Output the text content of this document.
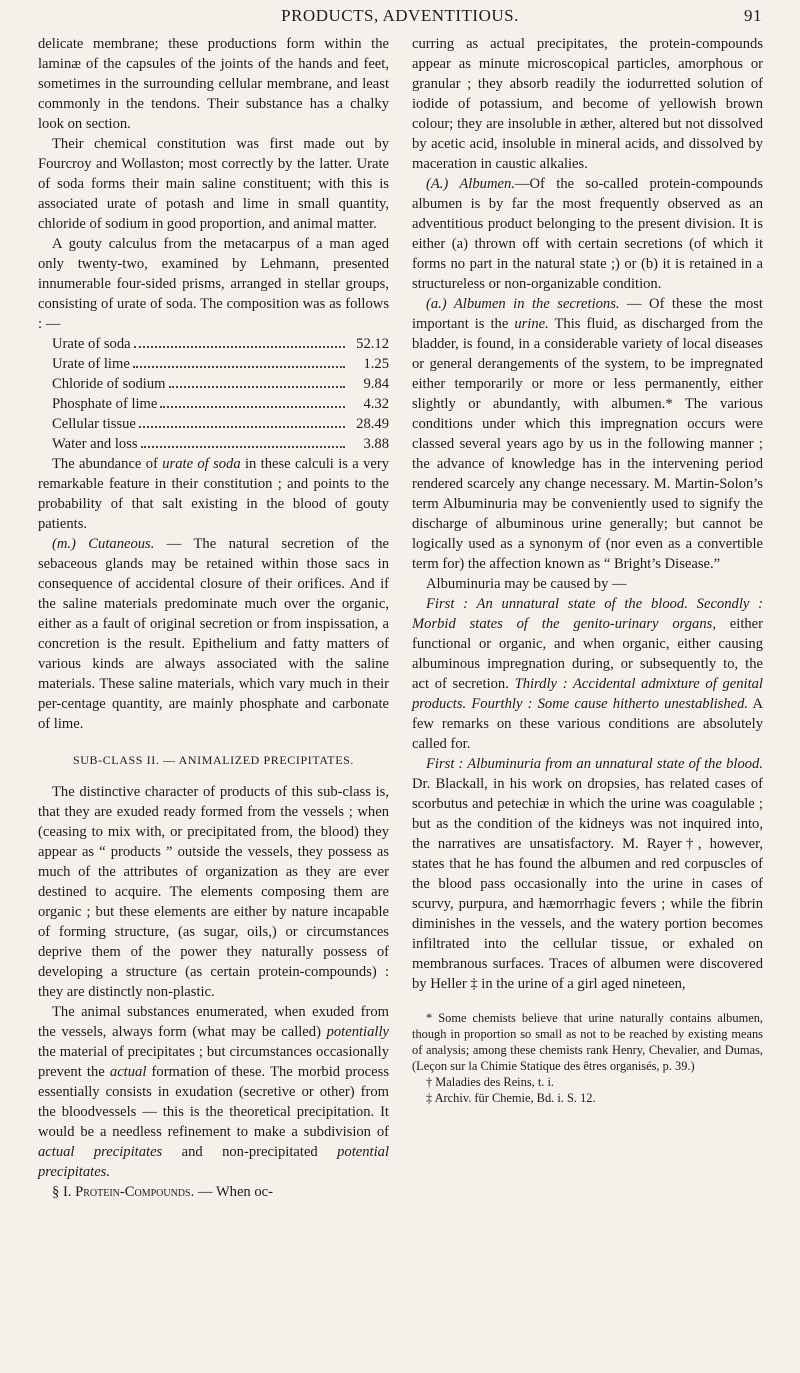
PRODUCTS, ADVENTITIOUS.	91

delicate membrane; these productions form within the laminæ of the capsules of the joints of the hands and feet, sometimes in the surrounding cellular membrane, and least commonly in the tendons. Their substance has a chalky look on section.

Their chemical constitution was first made out by Fourcroy and Wollaston; most correctly by the latter. Urate of soda forms their main saline constituent; with this is associated urate of potash and lime in small quantity, chloride of sodium in good proportion, and animal matter.

A gouty calculus from the metacarpus of a man aged only twenty-two, examined by Lehmann, presented innumerable four-sided prisms, arranged in stellar groups, consisting of urate of soda. The composition was as follows : —

Urate of soda	52.12
Urate of lime	1.25
Chloride of sodium	9.84
Phosphate of lime	4.32
Cellular tissue	28.49
Water and loss	3.88

The abundance of urate of soda in these calculi is a very remarkable feature in their constitution ; and points to the probability of that salt existing in the blood of gouty patients.

(m.) Cutaneous. — The natural secretion of the sebaceous glands may be retained within those sacs in consequence of accidental closure of their orifices. And if the saline materials predominate much over the organic, either as a fault of original secretion or from inspissation, a concretion is the result. Epithelium and fatty matters of various kinds are always associated with the saline materials. These saline materials, which vary much in their per-centage quantity, are mainly phosphate and carbonate of lime.

SUB-CLASS II. — ANIMALIZED PRECIPITATES.

The distinctive character of products of this sub-class is, that they are exuded ready formed from the vessels ; when (ceasing to mix with, or precipitated from, the blood) they appear as “ products ” outside the vessels, they possess as much of the attributes of organization as they are ever destined to acquire. The elements composing them are organic ; but these elements are either by nature incapable of forming structure, (as sugar, oils,) or circumstances deprive them of the power they naturally possess of developing a structure (as certain protein-compounds) : they are distinctly non-plastic.

The animal substances enumerated, when exuded from the vessels, always form (what may be called) potentially the material of precipitates ; but circumstances occasionally prevent the actual formation of these. The morbid process essentially consists in exudation (secretive or other) from the bloodvessels — this is the theoretical precipitation. It would be a needless refinement to make a subdivision of actual precipitates and non-precipitated potential precipitates.

§ I. Protein-Compounds. — When oc-

curring as actual precipitates, the protein-compounds appear as minute microscopical particles, amorphous or granular ; they absorb readily the iodurretted solution of iodide of potassium, and become of yellowish brown colour; they are insoluble in æther, altered but not dissolved by acetic acid, insoluble in mineral acids, and dissolved by maceration in caustic alkalies.

(A.) Albumen.—Of the so-called protein-compounds albumen is by far the most frequently observed as an adventitious product belonging to the present division. It is either (a) thrown off with certain secretions (of which it forms no part in the natural state ;) or (b) it is retained in a structureless or non-organizable condition.

(a.) Albumen in the secretions. — Of these the most important is the urine. This fluid, as discharged from the bladder, is found, in a considerable variety of local diseases or general derangements of the system, to be impregnated either temporarily or more or less permanently, either slightly or abundantly, with albumen.* The various conditions under which this impregnation occurs were classed several years ago by us in the following manner ; the advance of knowledge has in the intervening period rendered scarcely any change necessary. M. Martin-Solon’s term Albuminuria may be conveniently used to signify the discharge of albuminous urine generally; but cannot be logically used as a synonym of (nor even as a convertible term for) the affection known as “ Bright’s Disease.”

Albuminuria may be caused by —

First : An unnatural state of the blood. Secondly : Morbid states of the genito-urinary organs, either functional or organic, and when organic, either causing albuminous impregnation during, or subsequently to, the act of secretion. Thirdly : Accidental admixture of genital products. Fourthly : Some cause hitherto unestablished. A few remarks on these various conditions are absolutely called for.

First : Albuminuria from an unnatural state of the blood. Dr. Blackall, in his work on dropsies, has related cases of scorbutus and petechiæ in which the urine was coagulable ; but as the condition of the kidneys was not inquired into, the narratives are unsatisfactory. M. Rayer†, however, states that he has found the albumen and red corpuscles of the blood pass occasionally into the urine in cases of scurvy, purpura, and hæmorrhagic fevers ; while the fibrin diminishes in the vessels, and the watery portion becomes infiltrated into the cellular tissue, or exhaled on membranous surfaces. Traces of albumen were discovered by Heller ‡ in the urine of a girl aged nineteen,

* Some chemists believe that urine naturally contains albumen, though in proportion so small as not to be reached by existing means of analysis; among these chemists rank Henry, Chevalier, and Dumas, (Leçon sur la Chimie Statique des êtres organisés, p. 39.)

† Maladies des Reins, t. i.

‡ Archiv. für Chemie, Bd. i. S. 12.
